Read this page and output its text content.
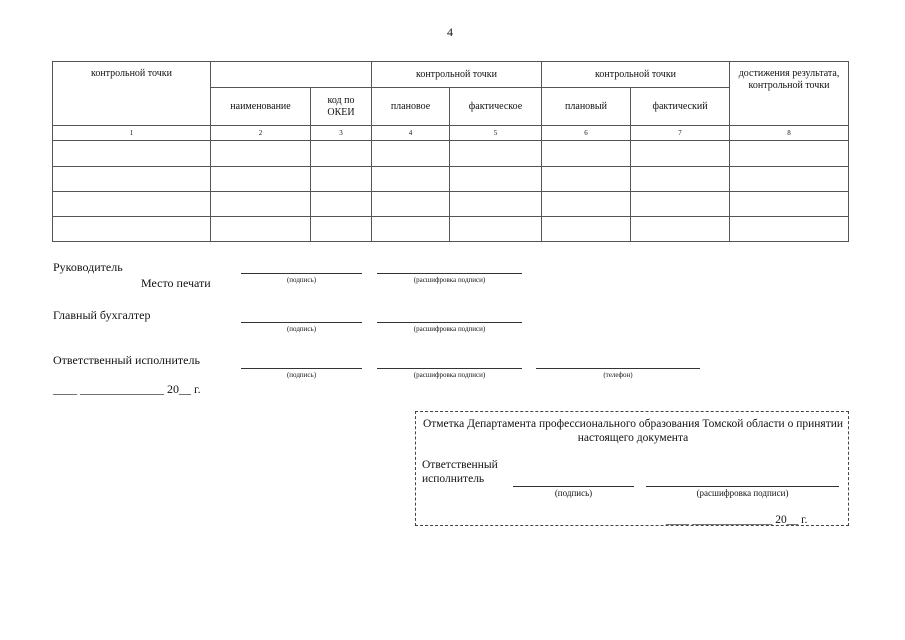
4
контрольной точки			контрольной точки		контрольной точки		достижения результата, контрольной точки
	наименование	код по ОКЕИ	плановое	фактическое	плановый	фактический	
1	2	3	4	5	6	7	8

Руководитель
Место печати	(подпись)	(расшифровка подписи)
Главный бухгалтер
(подпись)	(расшифровка подписи)
Ответственный исполнитель
(подпись)	(расшифровка подписи)	(телефон)
____ ______________ 20__ г.
Отметка Департамента профессионального образования Томской области о принятии настоящего документа
Ответственный
исполнитель
(подпись)	(расшифровка подписи)
____ ______________ 20__ г.
